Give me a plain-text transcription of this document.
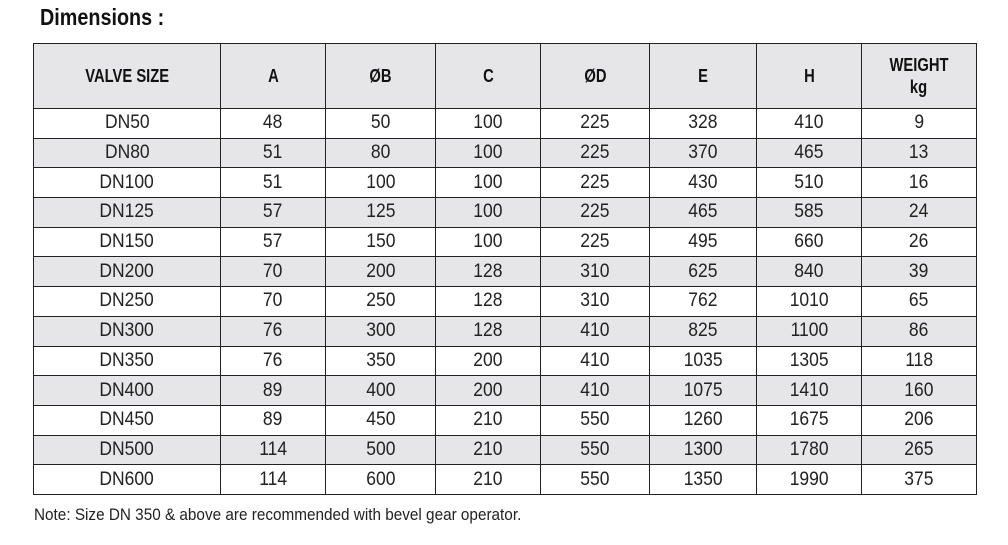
Dimensions :
VALVE SIZE	A	ØB	C	ØD	E	H	WEIGHT
kg
DN50	48	50	100	225	328	410	9
DN80	51	80	100	225	370	465	13
DN100	51	100	100	225	430	510	16
DN125	57	125	100	225	465	585	24
DN150	57	150	100	225	495	660	26
DN200	70	200	128	310	625	840	39
DN250	70	250	128	310	762	1010	65
DN300	76	300	128	410	825	1100	86
DN350	76	350	200	410	1035	1305	118
DN400	89	400	200	410	1075	1410	160
DN450	89	450	210	550	1260	1675	206
DN500	114	500	210	550	1300	1780	265
DN600	114	600	210	550	1350	1990	375
Note: Size DN 350 & above are recommended with bevel gear operator.
